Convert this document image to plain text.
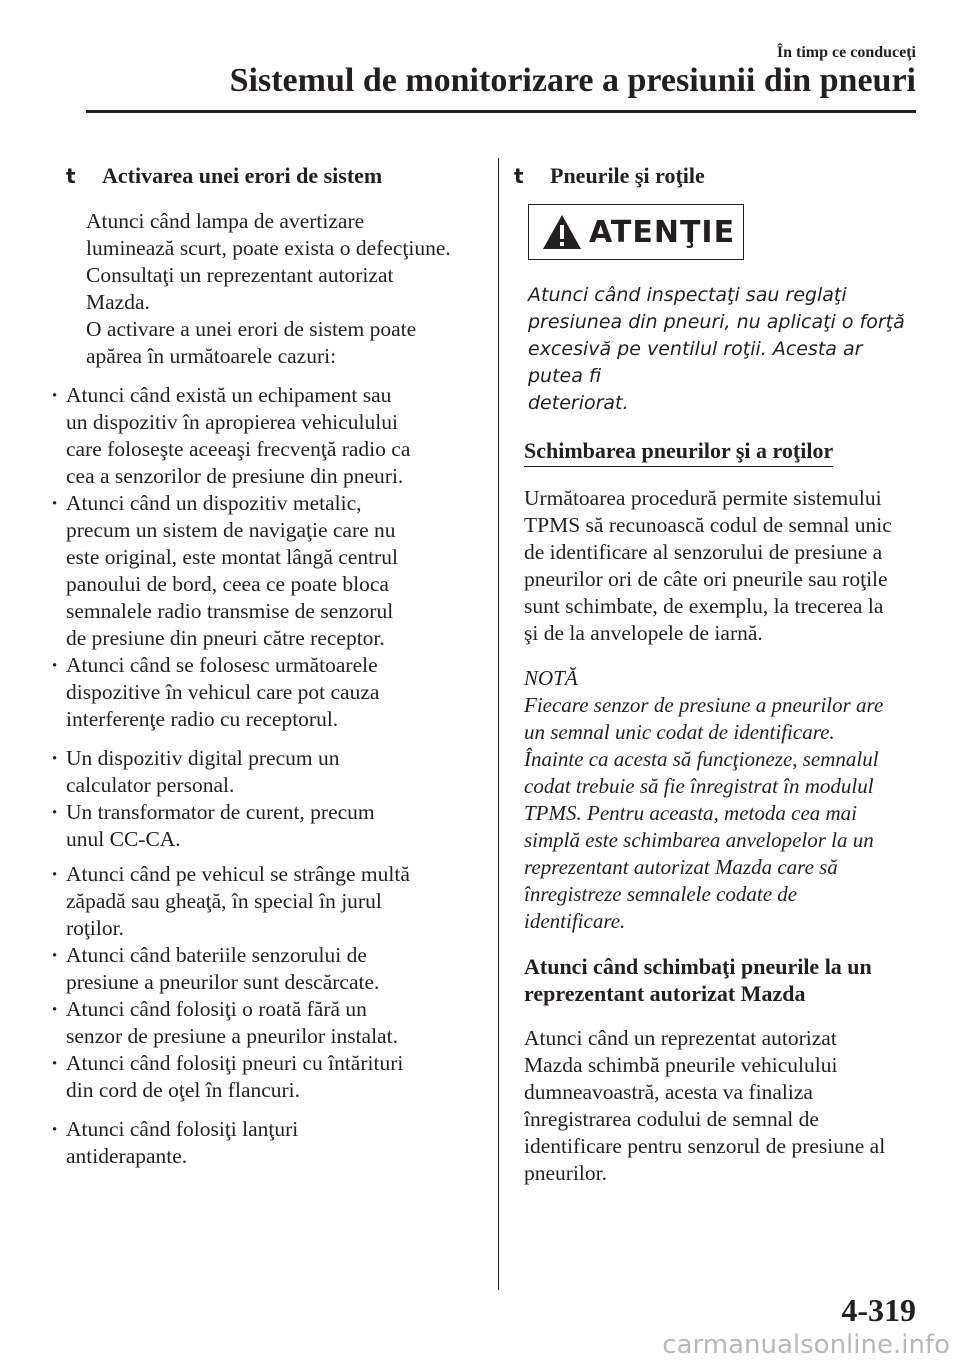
În timp ce conduceţi
Sistemul de monitorizare a presiunii din pneuri
t	Activarea unei erori de sistem

Atunci când lampa de avertizare

luminează scurt, poate exista o defecţiune.

Consultaţi un reprezentant autorizat

Mazda.

O activare a unei erori de sistem poate

apărea în următoarele cazuri:

· Atunci când există un echipament sau
un dispozitiv în apropierea vehiculului
care foloseşte aceeaşi frecvenţă radio ca
cea a senzorilor de presiune din pneuri.
· Atunci când un dispozitiv metalic,
precum un sistem de navigaţie care nu
este original, este montat lângă centrul
panoului de bord, ceea ce poate bloca
semnalele radio transmise de senzorul
de presiune din pneuri către receptor.
· Atunci când se folosesc următoarele
dispozitive în vehicul care pot cauza
interferenţe radio cu receptorul.
· Un dispozitiv digital precum un
calculator personal.
· Un transformator de curent, precum
unul CC-CA.
· Atunci când pe vehicul se strânge multă
zăpadă sau gheaţă, în special în jurul
roţilor.
· Atunci când bateriile senzorului de
presiune a pneurilor sunt descărcate.
· Atunci când folosiţi o roată fără un
senzor de presiune a pneurilor instalat.
· Atunci când folosiţi pneuri cu întărituri
din cord de oţel în flancuri.
· Atunci când folosiţi lanţuri
antiderapante.
t	Pneurile şi roţile
ATENŢIE
Atunci când inspectaţi sau reglaţi
presiunea din pneuri, nu aplicaţi o forţă
excesivă pe ventilul roţii. Acesta ar putea fi
deteriorat.
Schimbarea pneurilor şi a roţilor

Următoarea procedură permite sistemului

TPMS să recunoască codul de semnal unic

de identificare al senzorului de presiune a

pneurilor ori de câte ori pneurile sau roţile

sunt schimbate, de exemplu, la trecerea la

şi de la anvelopele de iarnă.

NOTĂ

Fiecare senzor de presiune a pneurilor are

un semnal unic codat de identificare.

Înainte ca acesta să funcţioneze, semnalul

codat trebuie să fie înregistrat în modulul

TPMS. Pentru aceasta, metoda cea mai

simplă este schimbarea anvelopelor la un

reprezentant autorizat Mazda care să

înregistreze semnalele codate de

identificare.

Atunci când schimbaţi pneurile la un

reprezentant autorizat Mazda

Atunci când un reprezentat autorizat

Mazda schimbă pneurile vehiculului

dumneavoastră, acesta va finaliza

înregistrarea codului de semnal de

identificare pentru senzorul de presiune al

pneurilor.

4-319
carmanualsonline.info
